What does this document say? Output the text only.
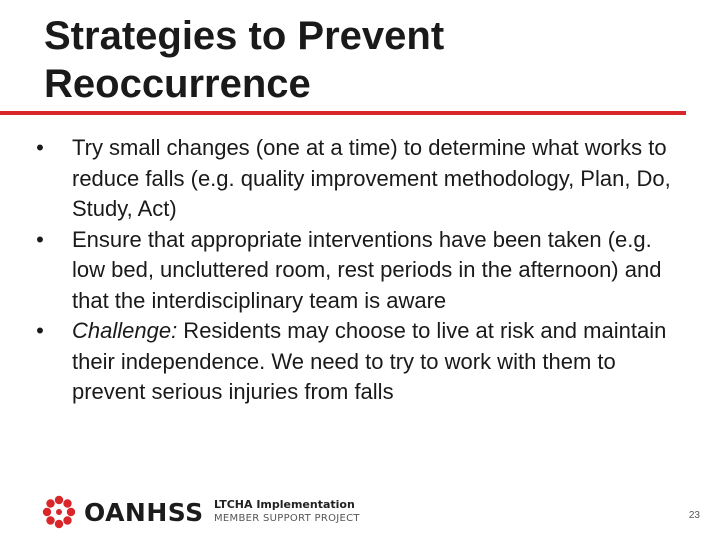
Strategies to Prevent Reoccurrence
• Try small changes (one at a time) to determine what works to reduce falls (e.g. quality improvement methodology, Plan, Do, Study, Act)
• Ensure that appropriate interventions have been taken (e.g. low bed, uncluttered room, rest periods in the afternoon) and that the interdisciplinary team is aware
• Challenge: Residents may choose to live at risk and maintain their independence. We need to try to work with them to prevent serious injuries from falls
OANHSS LTCHA Implementation
MEMBER SUPPORT PROJECT	23
